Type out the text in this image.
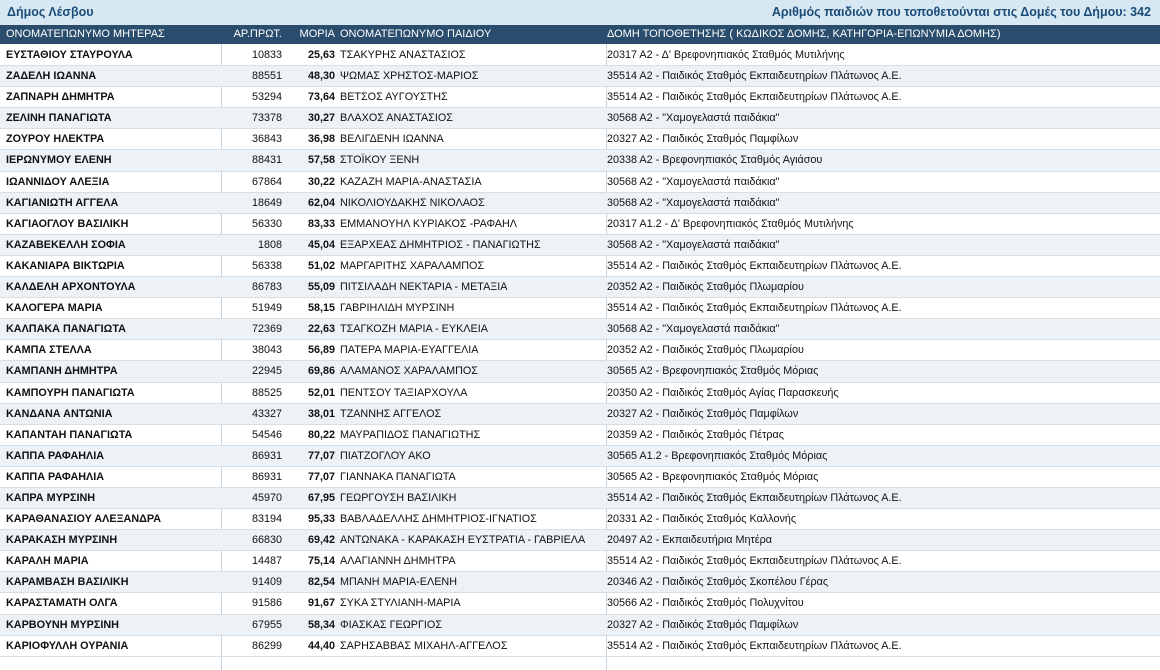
Δήμος Λέσβου	Αριθμός παιδιών που τοποθετούνται στις Δομές του Δήμου: 342
ΟΝΟΜΑΤΕΠΩΝΥΜΟ ΜΗΤΕΡΑΣ	ΑΡ.ΠΡΩΤ.	ΜΟΡΙΑ ΟΝΟΜΑΤΕΠΩΝΥΜΟ ΠΑΙΔΙΟΥ	ΔΟΜΗ ΤΟΠΟΘΕΤΗΣΗΣ ( ΚΩΔΙΚΟΣ ΔΟΜΗΣ, ΚΑΤΗΓΟΡΙΑ-ΕΠΩΝΥΜΙΑ ΔΟΜΗΣ)
ΕΥΣΤΑΘΙΟΥ ΣΤΑΥΡΟΥΛΑ	10833	25,63 ΤΣΑΚΥΡΗΣ ΑΝΑΣΤΑΣΙΟΣ	20317 Α2 - Δ' Βρεφονηπιακός Σταθμός Μυτιλήνης
ΖΑΔΕΛΗ ΙΩΑΝΝΑ	88551	48,30 ΨΩΜΑΣ ΧΡΗΣΤΟΣ-ΜΑΡΙΟΣ	35514 Α2 - Παιδικός Σταθμός Εκπαιδευτηρίων Πλάτωνος Α.Ε.
ΖΑΠΝΑΡΗ ΔΗΜΗΤΡΑ	53294	73,64 ΒΕΤΣΟΣ ΑΥΓΟΥΣΤΗΣ	35514 Α2 - Παιδικός Σταθμός Εκπαιδευτηρίων Πλάτωνος Α.Ε.
ΖΕΛΙΝΗ ΠΑΝΑΓΙΩΤΑ	73378	30,27 ΒΛΑΧΟΣ ΑΝΑΣΤΑΣΙΟΣ	30568 Α2 - "Χαμογελαστά παιδάκια"
ΖΟΥΡΟΥ ΗΛΕΚΤΡΑ	36843	36,98 ΒΕΛΙΓΔΕΝΗ ΙΩΑΝΝΑ	20327 Α2 - Παιδικός Σταθμός Παμφίλων
ΙΕΡΩΝΥΜΟΥ ΕΛΕΝΗ	88431	57,58 ΣΤΟΪΚΟΥ ΞΕΝΗ	20338 Α2 - Βρεφονηπιακός Σταθμός Αγιάσου
ΙΩΑΝΝΙΔΟΥ ΑΛΕΞΙΑ	67864	30,22 ΚΑΖΑΖΗ ΜΑΡΙΑ-ΑΝΑΣΤΑΣΙΑ	30568 Α2 - "Χαμογελαστά παιδάκια"
ΚΑΓΙΑΝΙΩΤΗ ΑΓΓΕΛΑ	18649	62,04 ΝΙΚΟΛΙΟΥΔΑΚΗΣ ΝΙΚΟΛΑΟΣ	30568 Α2 - "Χαμογελαστά παιδάκια"
ΚΑΓΙΑΟΓΛΟΥ ΒΑΣΙΛΙΚΗ	56330	83,33 ΕΜΜΑΝΟΥΗΛ ΚΥΡΙΑΚΟΣ -ΡΑΦΑΗΛ	20317 Α1.2 - Δ' Βρεφονηπιακός Σταθμός Μυτιλήνης
ΚΑΖΑΒΕΚΕΛΛΗ ΣΟΦΙΑ	1808	45,04 ΕΞΑΡΧΕΑΣ ΔΗΜΗΤΡΙΟΣ - ΠΑΝΑΓΙΩΤΗΣ	30568 Α2 - "Χαμογελαστά παιδάκια"
ΚΑΚΑΝΙΑΡΑ ΒΙΚΤΩΡΙΑ	56338	51,02 ΜΑΡΓΑΡΙΤΗΣ ΧΑΡΑΛΑΜΠΟΣ	35514 Α2 - Παιδικός Σταθμός Εκπαιδευτηρίων Πλάτωνος Α.Ε.
ΚΑΛΔΕΛΗ ΑΡΧΟΝΤΟΥΛΑ	86783	55,09 ΠΙΤΣΙΛΑΔΗ ΝΕΚΤΑΡΙΑ - ΜΕΤΑΞΙΑ	20352 Α2 - Παιδικός Σταθμός Πλωμαρίου
ΚΑΛΟΓΕΡΑ ΜΑΡΙΑ	51949	58,15 ΓΑΒΡΙΗΛΙΔΗ ΜΥΡΣΙΝΗ	35514 Α2 - Παιδικός Σταθμός Εκπαιδευτηρίων Πλάτωνος Α.Ε.
ΚΑΛΠΑΚΑ ΠΑΝΑΓΙΩΤΑ	72369	22,63 ΤΣΑΓΚΟΖΗ ΜΑΡΙΑ - ΕΥΚΛΕΙΑ	30568 Α2 - "Χαμογελαστά παιδάκια"
ΚΑΜΠΑ ΣΤΕΛΛΑ	38043	56,89 ΠΑΤΕΡΑ ΜΑΡΙΑ-ΕΥΑΓΓΕΛΙΑ	20352 Α2 - Παιδικός Σταθμός Πλωμαρίου
ΚΑΜΠΑΝΗ ΔΗΜΗΤΡΑ	22945	69,86 ΑΛΑΜΑΝΟΣ ΧΑΡΑΛΑΜΠΟΣ	30565 Α2 - Βρεφονηπιακός Σταθμός Μόριας
ΚΑΜΠΟΥΡΗ ΠΑΝΑΓΙΩΤΑ	88525	52,01 ΠΕΝΤΣΟΥ ΤΑΞΙΑΡΧΟΥΛΑ	20350 Α2 - Παιδικός Σταθμός Αγίας Παρασκευής
ΚΑΝΔΑΝΑ ΑΝΤΩΝΙΑ	43327	38,01 ΤΖΑΝΝΗΣ ΑΓΓΕΛΟΣ	20327 Α2 - Παιδικός Σταθμός Παμφίλων
ΚΑΠΑΝΤΑΗ ΠΑΝΑΓΙΩΤΑ	54546	80,22 ΜΑΥΡΑΠΙΔΟΣ ΠΑΝΑΓΙΩΤΗΣ	20359 Α2 - Παιδικός Σταθμός Πέτρας
ΚΑΠΠΑ ΡΑΦΑΗΛΙΑ	86931	77,07 ΠΙΑΤΖΟΓΛΟΥ ΑΚΟ	30565 Α1.2 - Βρεφονηπιακός Σταθμός Μόριας
ΚΑΠΠΑ ΡΑΦΑΗΛΙΑ	86931	77,07 ΓΙΑΝΝΑΚΑ ΠΑΝΑΓΙΩΤΑ	30565 Α2 - Βρεφονηπιακός Σταθμός Μόριας
ΚΑΠΡΑ ΜΥΡΣΙΝΗ	45970	67,95 ΓΕΩΡΓΟΥΣΗ ΒΑΣΙΛΙΚΗ	35514 Α2 - Παιδικός Σταθμός Εκπαιδευτηρίων Πλάτωνος Α.Ε.
ΚΑΡΑΘΑΝΑΣΙΟΥ ΑΛΕΞΑΝΔΡΑ	83194	95,33 ΒΑΒΛΑΔΕΛΛΗΣ ΔΗΜΗΤΡΙΟΣ-ΙΓΝΑΤΙΟΣ	20331 Α2 - Παιδικός Σταθμός Καλλονής
ΚΑΡΑΚΑΣΗ ΜΥΡΣΙΝΗ	66830	69,42 ΑΝΤΩΝΑΚΑ - ΚΑΡΑΚΑΣΗ ΕΥΣΤΡΑΤΙΑ - ΓΑΒΡΙΕΛΑ	20497 Α2 - Εκπαιδευτήρια Μητέρα
ΚΑΡΑΛΗ ΜΑΡΙΑ	14487	75,14 ΑΛΑΓΙΑΝΝΗ ΔΗΜΗΤΡΑ	35514 Α2 - Παιδικός Σταθμός Εκπαιδευτηρίων Πλάτωνος Α.Ε.
ΚΑΡΑΜΒΑΣΗ ΒΑΣΙΛΙΚΗ	91409	82,54 ΜΠΑΝΗ ΜΑΡΙΑ-ΕΛΕΝΗ	20346 Α2 - Παιδικός Σταθμός Σκοπέλου Γέρας
ΚΑΡΑΣΤΑΜΑΤΗ ΟΛΓΑ	91586	91,67 ΣΥΚΑ ΣΤΥΛΙΑΝΗ-ΜΑΡΙΑ	30566 Α2 - Παιδικός Σταθμός Πολυχνίτου
ΚΑΡΒΟΥΝΗ ΜΥΡΣΙΝΗ	67955	58,34 ΦΙΑΣΚΑΣ ΓΕΩΡΓΙΟΣ	20327 Α2 - Παιδικός Σταθμός Παμφίλων
ΚΑΡΙΟΦΥΛΛΗ ΟΥΡΑΝΙΑ	86299	44,40 ΣΑΡΗΣΑΒΒΑΣ ΜΙΧΑΗΛ-ΑΓΓΕΛΟΣ	35514 Α2 - Παιδικός Σταθμός Εκπαιδευτηρίων Πλάτωνος Α.Ε.
